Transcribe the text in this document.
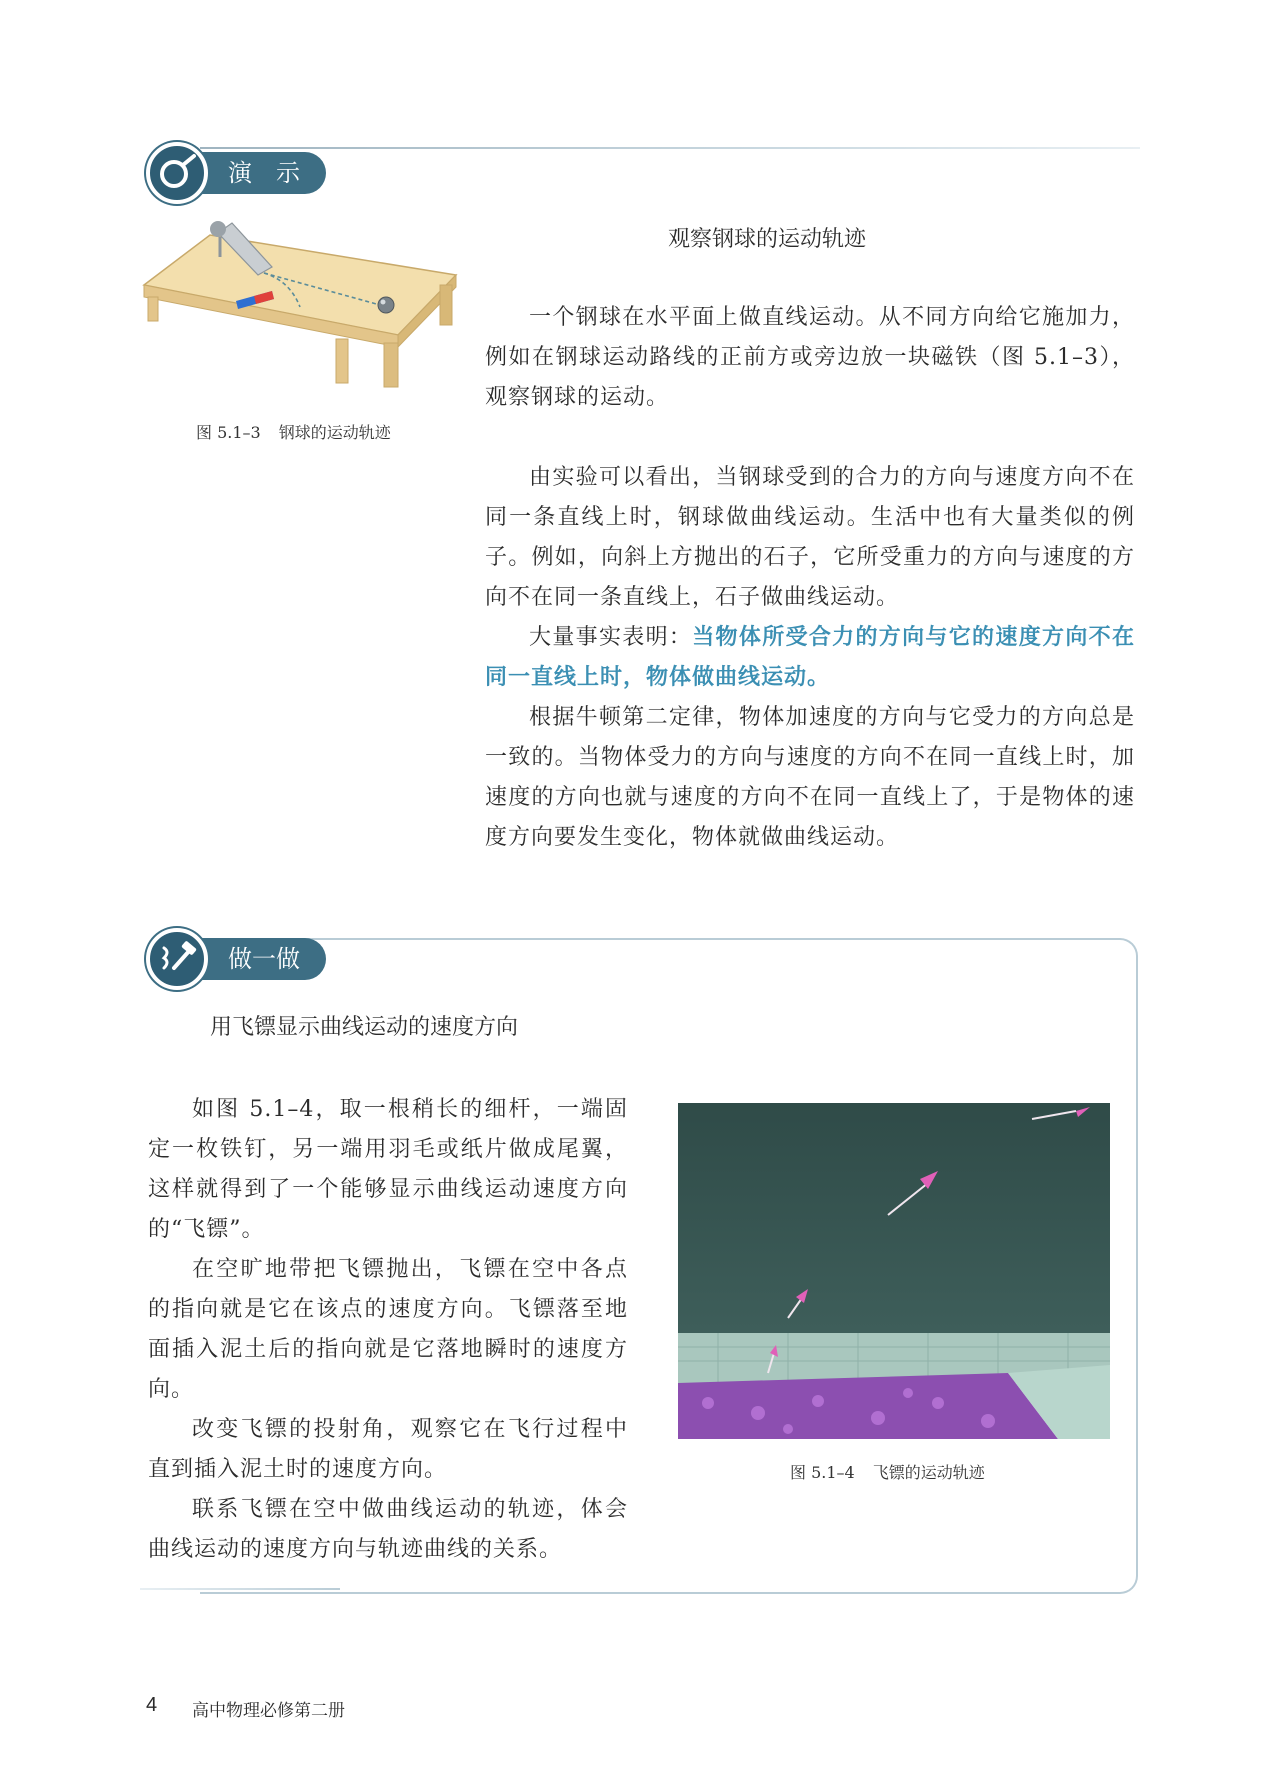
演　示
图 5.1–3 钢球的运动轨迹
观察钢球的运动轨迹

一个钢球在水平面上做直线运动。从不同方向给它施加力，例如在钢球运动路线的正前方或旁边放一块磁铁（图 5.1–3），观察钢球的运动。

由实验可以看出，当钢球受到的合力的方向与速度方向不在同一条直线上时，钢球做曲线运动。生活中也有大量类似的例子。例如，向斜上方抛出的石子，它所受重力的方向与速度的方向不在同一条直线上，石子做曲线运动。

大量事实表明：当物体所受合力的方向与它的速度方向不在同一直线上时，物体做曲线运动。

根据牛顿第二定律，物体加速度的方向与它受力的方向总是一致的。当物体受力的方向与速度的方向不在同一直线上时，加速度的方向也就与速度的方向不在同一直线上了，于是物体的速度方向要发生变化，物体就做曲线运动。

做一做
用飞镖显示曲线运动的速度方向

如图 5.1–4，取一根稍长的细杆，一端固定一枚铁钉，另一端用羽毛或纸片做成尾翼，这样就得到了一个能够显示曲线运动速度方向的“飞镖”。

在空旷地带把飞镖抛出，飞镖在空中各点的指向就是它在该点的速度方向。飞镖落至地面插入泥土后的指向就是它落地瞬时的速度方向。

改变飞镖的投射角，观察它在飞行过程中直到插入泥土时的速度方向。

联系飞镖在空中做曲线运动的轨迹，体会曲线运动的速度方向与轨迹曲线的关系。

图 5.1–4 飞镖的运动轨迹
4 高中物理必修第二册
